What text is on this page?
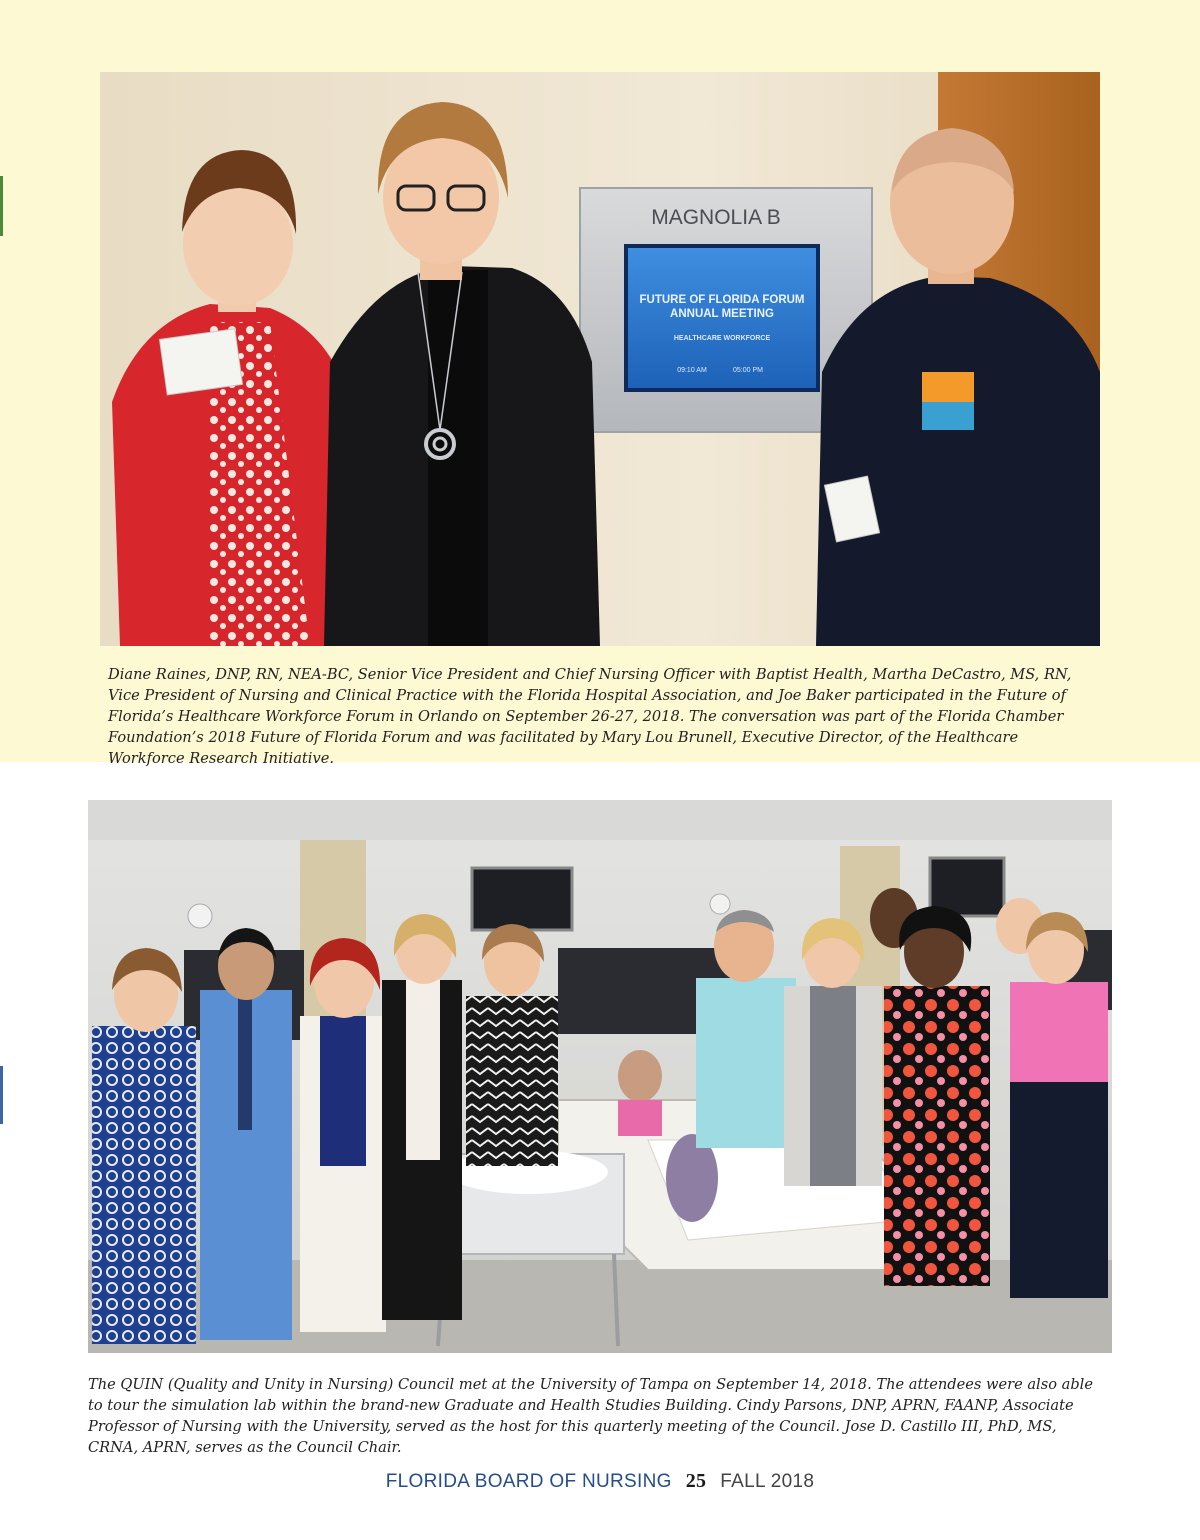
MAGNOLIA B
FUTURE OF FLORIDA FORUM
ANNUAL MEETING
HEALTHCARE WORKFORCE
09:10 AM	05:00 PM

Diane Raines, DNP, RN, NEA-BC, Senior Vice President and Chief Nursing Officer with Baptist Health, Martha DeCastro, MS, RN, Vice President of Nursing and Clinical Practice with the Florida Hospital Association, and Joe Baker participated in the Future of Florida’s Healthcare Workforce Forum in Orlando on September 26-27, 2018. The conversation was part of the Florida Chamber Foundation’s 2018 Future of Florida Forum and was facilitated by Mary Lou Brunell, Executive Director, of the Healthcare Workforce Research Initiative.

The QUIN (Quality and Unity in Nursing) Council met at the University of Tampa on September 14, 2018. The attendees were also able to tour the simulation lab within the brand-new Graduate and Health Studies Building. Cindy Parsons, DNP, APRN, FAANP, Associate Professor of Nursing with the University, served as the host for this quarterly meeting of the Council. Jose D. Castillo III, PhD, MS, CRNA, APRN, serves as the Council Chair.

FLORIDA BOARD OF NURSING 25 FALL 2018
